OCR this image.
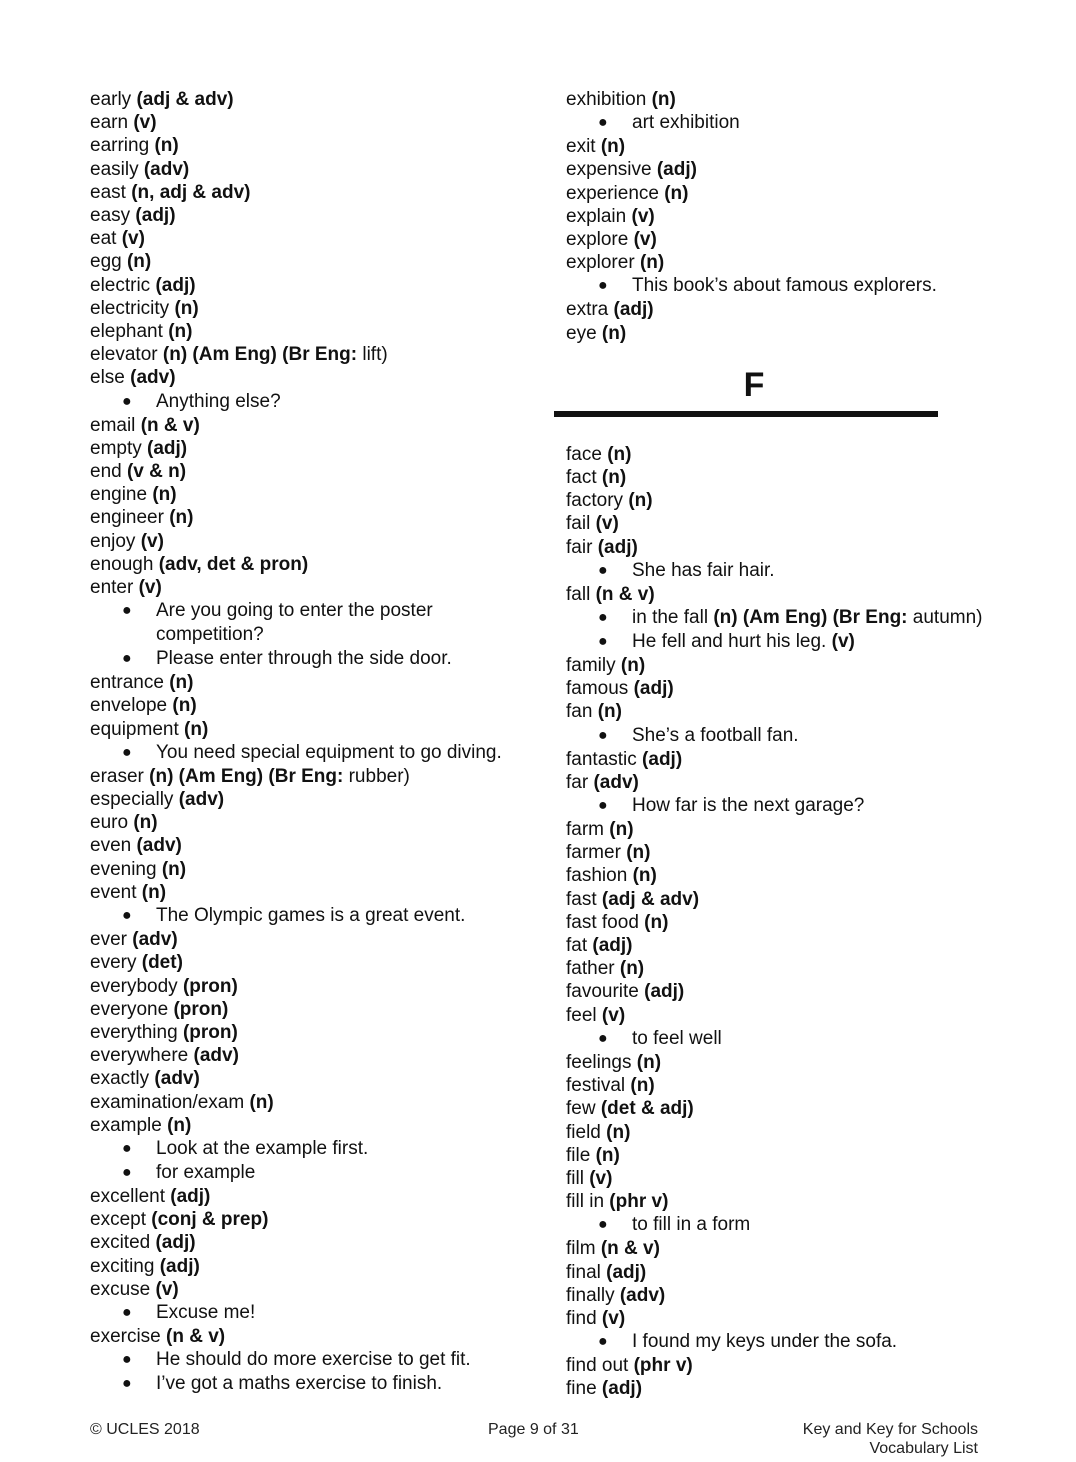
early (adj & adv)
earn (v)
earring (n)
easily (adv)
east (n, adj & adv)
easy (adj)
eat (v)
egg (n)
electric (adj)
electricity (n)
elephant (n)
elevator (n) (Am Eng) (Br Eng: lift)
else (adv)
● Anything else?
email (n & v)
empty (adj)
end (v & n)
engine (n)
engineer (n)
enjoy (v)
enough (adv, det & pron)
enter (v)
● Are you going to enter the poster
competition?
● Please enter through the side door.
entrance (n)
envelope (n)
equipment (n)
● You need special equipment to go diving.
eraser (n) (Am Eng) (Br Eng: rubber)
especially (adv)
euro (n)
even (adv)
evening (n)
event (n)
● The Olympic games is a great event.
ever (adv)
every (det)
everybody (pron)
everyone (pron)
everything (pron)
everywhere (adv)
exactly (adv)
examination/exam (n)
example (n)
● Look at the example first.
● for example
excellent (adj)
except (conj & prep)
excited (adj)
exciting (adj)
excuse (v)
● Excuse me!
exercise (n & v)
● He should do more exercise to get fit.
● I’ve got a maths exercise to finish.
exhibition (n)
● art exhibition
exit (n)
expensive (adj)
experience (n)
explain (v)
explore (v)
explorer (n)
● This book’s about famous explorers.
extra (adj)
eye (n)
F
face (n)
fact (n)
factory (n)
fail (v)
fair (adj)
● She has fair hair.
fall (n & v)
● in the fall (n) (Am Eng) (Br Eng: autumn)
● He fell and hurt his leg. (v)
family (n)
famous (adj)
fan (n)
● She’s a football fan.
fantastic (adj)
far (adv)
● How far is the next garage?
farm (n)
farmer (n)
fashion (n)
fast (adj & adv)
fast food (n)
fat (adj)
father (n)
favourite (adj)
feel (v)
● to feel well
feelings (n)
festival (n)
few (det & adj)
field (n)
file (n)
fill (v)
fill in (phr v)
● to fill in a form
film (n & v)
final (adj)
finally (adv)
find (v)
● I found my keys under the sofa.
find out (phr v)
fine (adj)
© UCLES 2018	Page 9 of 31	Key and Key for Schools
Vocabulary List
